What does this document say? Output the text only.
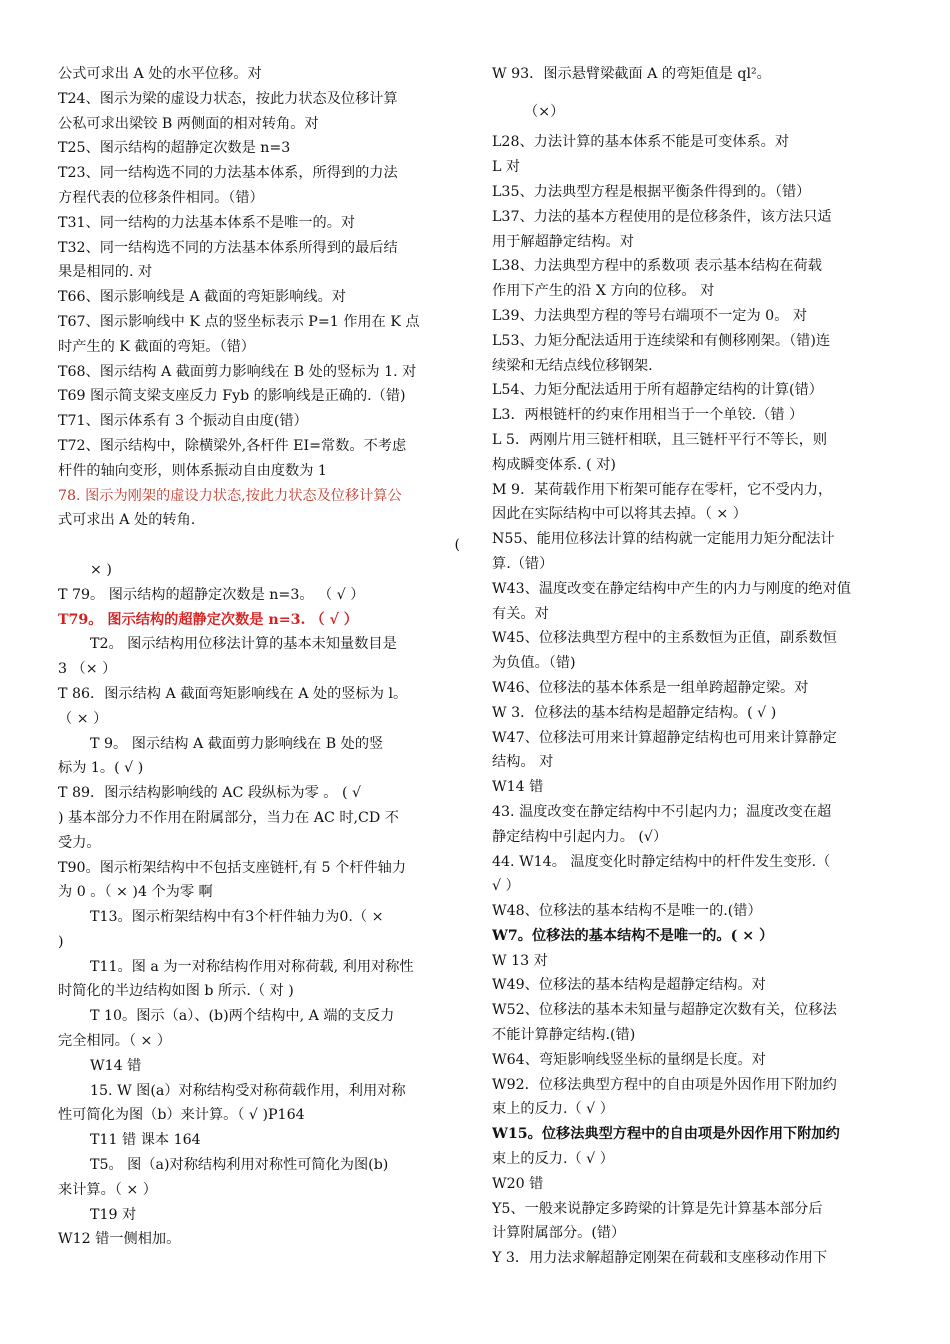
公式可求出 A 处的水平位移。对
T24、图示为梁的虚设力状态，按此力状态及位移计算
公私可求出梁铰 B 两侧面的相对转角。对
T25、图示结构的超静定次数是 n=3
T23、同一结构选不同的力法基本体系，所得到的力法
方程代表的位移条件相同。（错）
T31、同一结构的力法基本体系不是唯一的。对
T32、同一结构选不同的方法基本体系所得到的最后结
果是相同的. 对
T66、图示影响线是 A 截面的弯矩影响线。对
T67、图示影响线中 K 点的竖坐标表示 P=1 作用在 K 点
时产生的 K 截面的弯矩。（错）
T68、图示结构 A 截面剪力影响线在 B 处的竖标为 1. 对
T69 图示简支梁支座反力 Fyb 的影响线是正确的.（错)
T71、图示体系有 3 个振动自由度(错）
T72、图示结构中，除横梁外,各杆件 EI=常数。不考虑
杆件的轴向变形，则体系振动自由度数为 1
78. 图示为刚架的虚设力状态,按此力状态及位移计算公
式可求出 A 处的转角.
(
× )
T 79。 图示结构的超静定次数是 n=3。 （ √ ）
T79。 图示结构的超静定次数是 n=3. （ √ ）
T2。 图示结构用位移法计算的基本未知量数目是
3 （× ）
T 86．图示结构 A 截面弯矩影响线在 A 处的竖标为 l。
（ × ）
T 9。 图示结构 A 截面剪力影响线在 B 处的竖
标为 1。( √ )
T 89．图示结构影响线的 AC 段纵标为零 。 ( √
) 基本部分力不作用在附属部分，当力在 AC 时,CD 不
受力。
T90。图示桁架结构中不包括支座链杆,有 5 个杆件轴力
为 0 。（ × )4 个为零 啊
T13。图示桁架结构中有3个杆件轴力为0.（ ×
)
T11。图 a 为一对称结构作用对称荷载, 利用对称性
时简化的半边结构如图 b 所示.（ 对 )
T 10。图示（a）、(b)两个结构中, A 端的支反力
完全相同。（ × ）
W14 错
15. W 图(a）对称结构受对称荷载作用，利用对称
性可简化为图（b）来计算。（ √ )P164
T11 错 课本 164
T5。 图（a)对称结构利用对称性可简化为图(b)
来计算。（ × ）
T19 对
W12 错一侧相加。
W 93．图示悬臂梁截面 A 的弯矩值是 ql²。
（×）
L28、力法计算的基本体系不能是可变体系。对
L 对
L35、力法典型方程是根据平衡条件得到的。（错）
L37、力法的基本方程使用的是位移条件，该方法只适
用于解超静定结构。对
L38、力法典型方程中的系数项 表示基本结构在荷载
作用下产生的沿 X 方向的位移。 对
L39、力法典型方程的等号右端项不一定为 0。 对
L53、力矩分配法适用于连续梁和有侧移刚架。（错)连
续梁和无结点线位移钢架.
L54、力矩分配法适用于所有超静定结构的计算(错）
L3．两根链杆的约束作用相当于一个单铰.（错 ）
L 5．两刚片用三链杆相联，且三链杆平行不等长，则
构成瞬变体系. ( 对)
M 9．某荷载作用下桁架可能存在零杆，它不受内力，
因此在实际结构中可以将其去掉。（ × ）
N55、能用位移法计算的结构就一定能用力矩分配法计
算.（错）
W43、温度改变在静定结构中产生的内力与刚度的绝对值
有关。对
W45、位移法典型方程中的主系数恒为正值，副系数恒
为负值。（错)
W46、位移法的基本体系是一组单跨超静定梁。对
W 3．位移法的基本结构是超静定结构。( √ )
W47、位移法可用来计算超静定结构也可用来计算静定
结构。 对
W14 错
43. 温度改变在静定结构中不引起内力；温度改变在超
静定结构中引起内力。 (√）
44. W14。 温度变化时静定结构中的杆件发生变形.（
√ ）
W48、位移法的基本结构不是唯一的.(错）
W7。位移法的基本结构不是唯一的。( × ）
W 13 对
W49、位移法的基本结构是超静定结构。对
W52、位移法的基本未知量与超静定次数有关，位移法
不能计算静定结构.(错)
W64、弯矩影响线竖坐标的量纲是长度。对
W92．位移法典型方程中的自由项是外因作用下附加约
束上的反力.（ √ ）
W15。位移法典型方程中的自由项是外因作用下附加约
束上的反力.（ √ ）
W20 错
Y5、一般来说静定多跨梁的计算是先计算基本部分后
计算附属部分。(错）
Y 3．用力法求解超静定刚架在荷载和支座移动作用下
